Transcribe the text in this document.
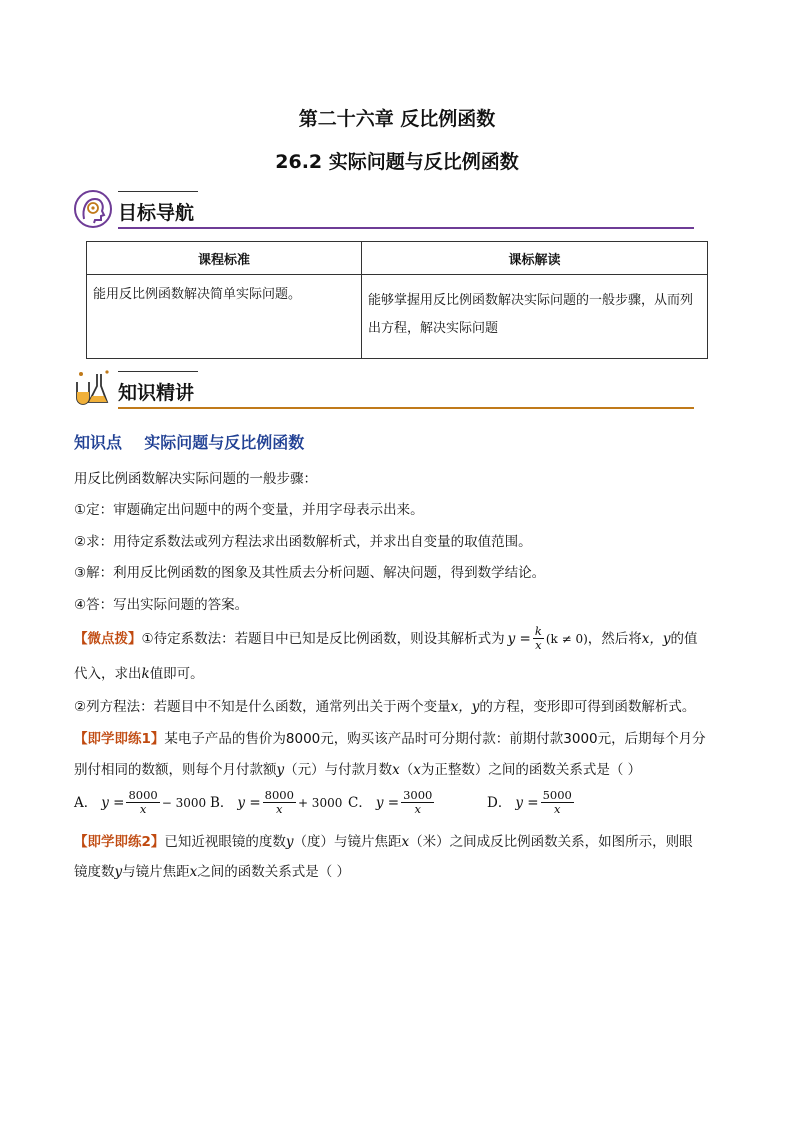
第二十六章 反比例函数
26.2 实际问题与反比例函数
目标导航
课程标准	课标解读
能用反比例函数解决简单实际问题。	能够掌握用反比例函数解决实际问题的一般步骤，从而列出方程，解决实际问题
知识精讲
知识点    实际问题与反比例函数
用反比例函数解决实际问题的一般步骤：
①定：审题确定出问题中的两个变量，并用字母表示出来。
②求：用待定系数法或列方程法求出函数解析式，并求出自变量的取值范围。
③解：利用反比例函数的图象及其性质去分析问题、解决问题，得到数学结论。
④答：写出实际问题的答案。
【微点拨】 ①待定系数法：若题目中已知是反比例函数，则设其解析式为 $y = \frac{k}{x} (k \ne 0)$ ，然后将 x，y 的值
代入，求出k值即可。
②列方程法：若题目中不知是什么函数，通常列出关于两个变量x，y的方程，变形即可得到函数解析式。
【即学即练1】某电子产品的售价为8000元，购买该产品时可分期付款：前期付款3000元，后期每个月分
别付相同的数额，则每个月付款额y（元）与付款月数x（x为正整数）之间的函数关系式是（ ）
A． $y = \frac{8000}{x} - 3000$ B． $y = \frac{8000}{x} + 3000$ C． $y = \frac{3000}{x}$	D． $y = \frac{5000}{x}$
【即学即练2】已知近视眼镜的度数y（度）与镜片焦距x（米）之间成反比例函数关系，如图所示，则眼
镜度数y与镜片焦距x之间的函数关系式是（ ）
